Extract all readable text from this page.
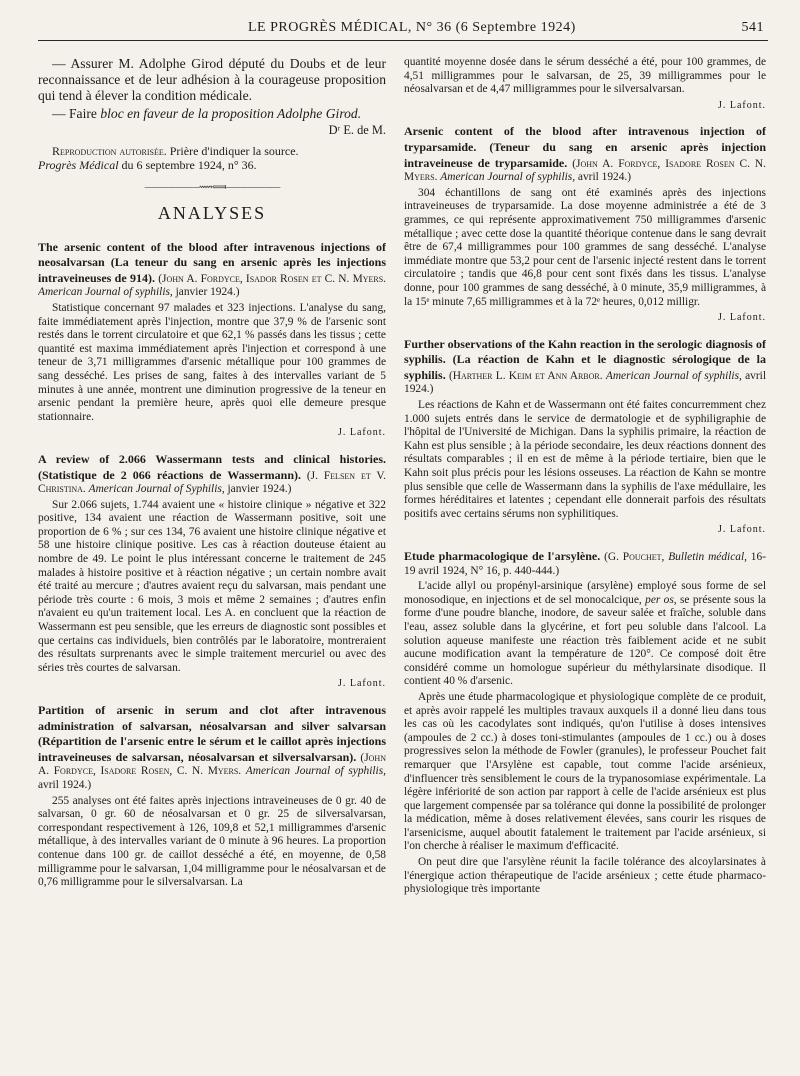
LE PROGRÈS MÉDICAL, N° 36 (6 Septembre 1924)	541

— Assurer M. Adolphe Girod député du Doubs et de leur reconnaissance et de leur adhésion à la courageuse proposition qui tend à élever la condition médicale.

— Faire bloc en faveur de la proposition Adolphe Girod.

Dʳ E. de M.

Reproduction autorisée. Prière d'indiquer la source.
Progrès Médical du 6 septembre 1924, n° 36.

——————⟿⟽——————
ANALYSES

The arsenic content of the blood after intravenous injections of neosalvarsan (La teneur du sang en arsenic après les injections intraveineuses de 914). (John A. Fordyce, Isador Rosen et C. N. Myers. American Journal of syphilis, janvier 1924.)

Statistique concernant 97 malades et 323 injections. L'analyse du sang, faite immédiatement après l'injection, montre que 37,9 % de l'arsenic sont restés dans le torrent circulatoire et que 62,1 % passés dans les tissus ; cette quantité est maxima immédiatement après l'injection et correspond à une teneur de 3,71 milligrammes d'arsenic métallique pour 100 grammes de sang desséché. Les prises de sang, faites à des intervalles variant de 5 minutes à une année, montrent une diminution progressive de la teneur en arsenic pendant la première heure, après quoi elle demeure presque stationnaire.

J. Lafont.

A review of 2.066 Wassermann tests and clinical histories. (Statistique de 2 066 réactions de Wassermann). (J. Felsen et V. Christina. American Journal of Syphilis, janvier 1924.)

Sur 2.066 sujets, 1.744 avaient une « histoire clinique » négative et 322 positive, 134 avaient une réaction de Wassermann positive, soit une proportion de 6 % ; sur ces 134, 76 avaient une histoire clinique négative et 58 une histoire clinique positive. Les cas à réaction douteuse étaient au nombre de 49. Le point le plus intéressant concerne le traitement de 245 malades à histoire positive et à réaction négative ; un certain nombre avait été traité au mercure ; d'autres avaient reçu du salvarsan, mais pendant une période très courte : 6 mois, 3 mois et même 2 semaines ; d'autres enfin n'avaient eu qu'un traitement local. Les A. en concluent que la réaction de Wassermann est peu sensible, que les erreurs de diagnostic sont possibles et que certains cas individuels, bien contrôlés par le laboratoire, montreraient des résultats surprenants avec le simple traitement mercuriel ou avec des séries très courtes de salvarsan.

J. Lafont.

Partition of arsenic in serum and clot after intravenous administration of salvarsan, néosalvarsan and silver salvarsan (Répartition de l'arsenic entre le sérum et le caillot après injections intraveineuses de salvarsan, néosalvarsan et silversalvarsan). (John A. Fordyce, Isadore Rosen, C. N. Myers. American Journal of syphilis, avril 1924.)

255 analyses ont été faites après injections intraveineuses de 0 gr. 40 de salvarsan, 0 gr. 60 de néosalvarsan et 0 gr. 25 de silversalvarsan, correspondant respectivement à 126, 109,8 et 52,1 milligrammes d'arsenic métallique, à des intervalles variant de 0 minute à 96 heures. La proportion contenue dans 100 gr. de caillot desséché a été, en moyenne, de 0,58 milligramme pour le salvarsan, 1,04 milligramme pour le néosalvarsan et de 0,76 milligramme pour le silversalvarsan. La

quantité moyenne dosée dans le sérum desséché a été, pour 100 grammes, de 4,51 milligrammes pour le salvarsan, de 25, 39 milligrammes pour le néosalvarsan et de 4,47 milligrammes pour le silversalvarsan.

J. Lafont.

Arsenic content of the blood after intravenous injection of tryparsamide. (Teneur du sang en arsenic après injection intraveineuse de tryparsamide. (John A. Fordyce, Isadore Rosen C. N. Myers. American Journal of syphilis, avril 1924.)

304 échantillons de sang ont été examinés après des injections intraveineuses de tryparsamide. La dose moyenne administrée a été de 3 grammes, ce qui représente approximativement 750 milligrammes d'arsenic métallique ; avec cette dose la quantité théorique contenue dans le sang devrait être de 67,4 milligrammes pour 100 grammes de sang desséché. L'analyse immédiate montre que 53,2 pour cent de l'arsenic injecté restent dans le torrent circulatoire ; tandis que 46,8 pour cent sont fixés dans les tissus. L'analyse donne, pour 100 grammes de sang desséché, à 0 minute, 35,9 milligrammes, à la 15ᵉ minute 7,65 milligrammes et à la 72ᵉ heures, 0,012 milligr.

J. Lafont.

Further observations of the Kahn reaction in the serologic diagnosis of syphilis. (La réaction de Kahn et le diagnostic sérologique de la syphilis. (Harther L. Keim et Ann Arbor. American Journal of syphilis, avril 1924.)

Les réactions de Kahn et de Wassermann ont été faites concurremment chez 1.000 sujets entrés dans le service de dermatologie et de syphiligraphie de l'hôpital de l'Université de Michigan. Dans la syphilis primaire, la réaction de Kahn est plus sensible ; à la période secondaire, les deux réactions donnent des résultats comparables ; il en est de même à la période tertiaire, bien que le Kahn soit plus précis pour les lésions osseuses. La réaction de Kahn se montre plus sensible que celle de Wassermann dans la syphilis de l'axe médullaire, les formes héréditaires et latentes ; cependant elle donnerait parfois des résultats positifs avec certains sérums non syphilitiques.

J. Lafont.

Etude pharmacologique de l'arsylène. (G. Pouchet, Bulletin médical, 16-19 avril 1924, N° 16, p. 440-444.)

L'acide allyl ou propényl-arsinique (arsylène) employé sous forme de sel monosodique, en injections et de sel monocalcique, per os, se présente sous la forme d'une poudre blanche, inodore, de saveur salée et fraîche, soluble dans l'eau, assez soluble dans la glycérine, et fort peu soluble dans l'alcool. La solution aqueuse manifeste une réaction très faiblement acide et ne subit aucune modification avant la température de 120°. Ce composé doit être considéré comme un homologue supérieur du méthylarsinate disodique. Il contient 40 % d'arsenic.

Après une étude pharmacologique et physiologique complète de ce produit, et après avoir rappelé les multiples travaux auxquels il a donné lieu dans tous les cas où les cacodylates sont indiqués, qu'on l'utilise à doses intensives (ampoules de 2 cc.) à doses toni-stimulantes (ampoules de 1 cc.) ou à doses progressives selon la méthode de Fowler (granules), le professeur Pouchet fait remarquer que l'Arsylène est capable, tout comme l'acide arsénieux, d'influencer très sensiblement le cours de la trypanosomiase expérimentale. La légère infériorité de son action par rapport à celle de l'acide arsénieux est plus que largement compensée par sa tolérance qui donne la possibilité de prolonger la médication, même à doses relativement élevées, sans courir les risques de l'arsenicisme, auquel aboutit fatalement le traitement par l'acide arsénieux, si l'on cherche à réaliser le maximum d'efficacité.

On peut dire que l'arsylène réunit la facile tolérance des alcoylarsinates à l'énergique action thérapeutique de l'acide arsénieux ; cette étude pharmaco-physiologique très importante
